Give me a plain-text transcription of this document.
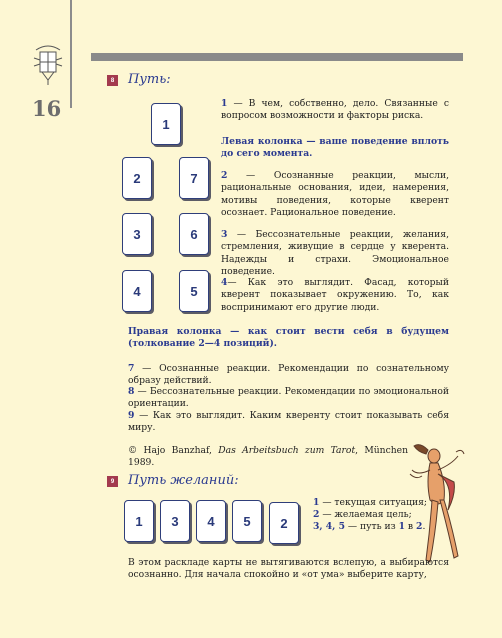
16
8 Путь:
1
2	7
3	6
4	5
1 — В чем, собственно, дело. Связанные с вопросом возможности и факторы риска.
Левая колонка — ваше поведение вплоть до сего момента.
2 — Осознанные реакции, мысли, рациональные основания, идеи, намерения, мотивы поведения, которые кверент осознает. Рациональное поведение.
3 — Бессознательные реакции, желания, стремления, живущие в сердце у кверента. Надежды и страхи. Эмоциональное поведение.
4— Как это выглядит. Фасад, который кверент показывает окружению. То, как воспринимают его другие люди.
Правая колонка — как стоит вести себя в будущем (толкование 2—4 позиций).
7 — Осознанные реакции. Рекомендации по сознательному образу действий.
8 — Бессознательные реакции. Рекомендации по эмоциональной ориентации.
9 — Как это выглядит. Каким кверенту стоит показывать себя миру.
© Hajo Banzhaf, Das Arbeitsbuch zum Tarot, München 1989.
9 Путь желаний:
1	3	4	5	2
1 — текущая ситуация;
2 — желаемая цель;
3, 4, 5 — путь из 1 в 2.
В этом раскладе карты не вытягиваются вслепую, а выбираются осознанно. Для начала спокойно и «от ума» выберите карту,
